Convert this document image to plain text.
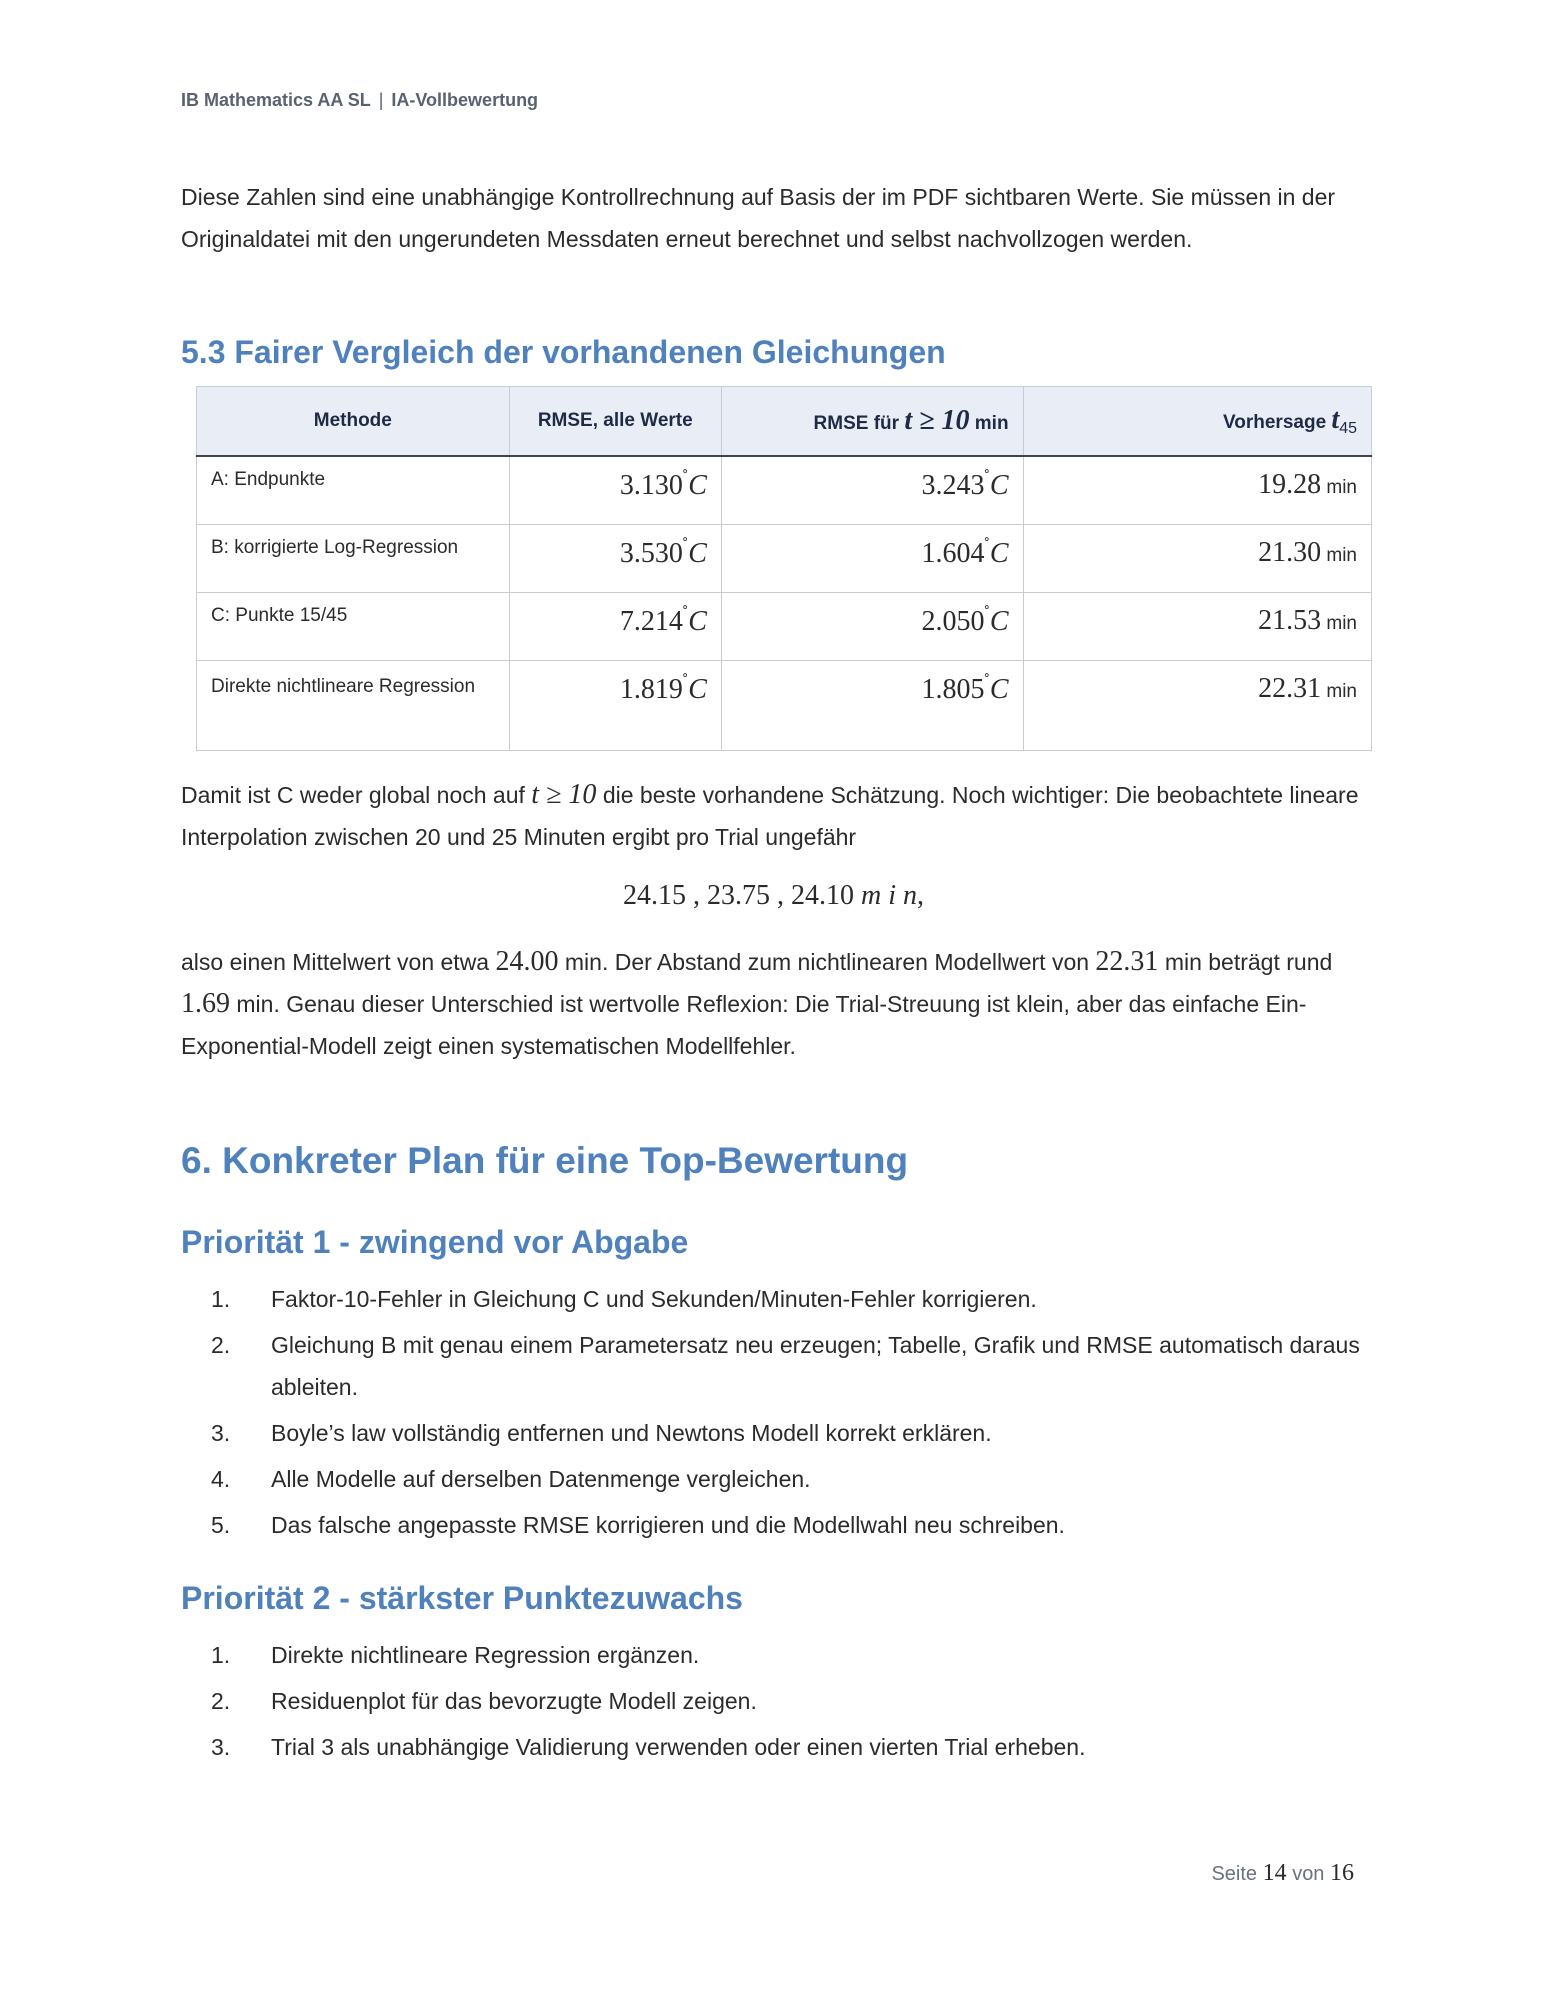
IB Mathematics AA SL | IA-Vollbewertung

Diese Zahlen sind eine unabhängige Kontrollrechnung auf Basis der im PDF sichtbaren Werte. Sie müssen in der Originaldatei mit den ungerundeten Messdaten erneut berechnet und selbst nachvollzogen werden.

5.3 Fairer Vergleich der vorhandenen Gleichungen
Methode	RMSE, alle Werte	RMSE für t ≥ 10 min	Vorhersage $t_{45}$
A: Endpunkte	3.130˚C	3.243˚C	19.28 min
B: korrigierte Log-Regression	3.530˚C	1.604˚C	21.30 min
C: Punkte 15/45	7.214˚C	2.050˚C	21.53 min
Direkte nichtlineare Regression	1.819˚C	1.805˚C	22.31 min

Damit ist C weder global noch auf t ≥ 10 die beste vorhandene Schätzung. Noch wichtiger: Die beobachtete lineare Interpolation zwischen 20 und 25 Minuten ergibt pro Trial ungefähr

24.15 , 23.75 , 24.10 m i n,

also einen Mittelwert von etwa 24.00 min. Der Abstand zum nichtlinearen Modellwert von 22.31 min beträgt rund 1.69 min. Genau dieser Unterschied ist wertvolle Reflexion: Die Trial-Streuung ist klein, aber das einfache Ein-Exponential-Modell zeigt einen systematischen Modellfehler.

6. Konkreter Plan für eine Top-Bewertung
Priorität 1 - zwingend vor Abgabe
1. Faktor-10-Fehler in Gleichung C und Sekunden/Minuten-Fehler korrigieren.
2. Gleichung B mit genau einem Parametersatz neu erzeugen; Tabelle, Grafik und RMSE automatisch daraus ableiten.
3. Boyle’s law vollständig entfernen und Newtons Modell korrekt erklären.
4. Alle Modelle auf derselben Datenmenge vergleichen.
5. Das falsche angepasste RMSE korrigieren und die Modellwahl neu schreiben.
Priorität 2 - stärkster Punktezuwachs
1. Direkte nichtlineare Regression ergänzen.
2. Residuenplot für das bevorzugte Modell zeigen.
3. Trial 3 als unabhängige Validierung verwenden oder einen vierten Trial erheben.
Seite 14 von 16
